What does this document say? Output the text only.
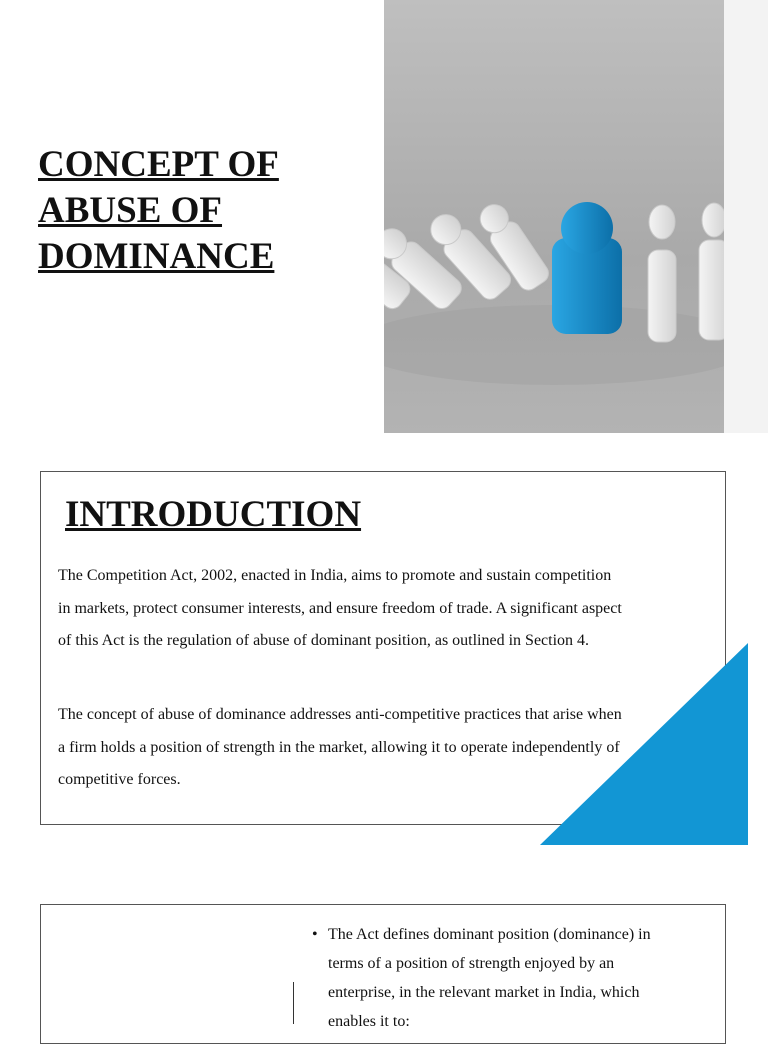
CONCEPT OF
ABUSE OF
DOMINANCE
INTRODUCTION

The Competition Act, 2002, enacted in India, aims to promote and sustain competition in markets, protect consumer interests, and ensure freedom of trade. A significant aspect of this Act is the regulation of abuse of dominant position, as outlined in Section 4.

The concept of abuse of dominance addresses anti-competitive practices that arise when a firm holds a position of strength in the market, allowing it to operate independently of competitive forces.

• The Act defines dominant position (dominance) in terms of a position of strength enjoyed by an enterprise, in the relevant market in India, which enables it to:
